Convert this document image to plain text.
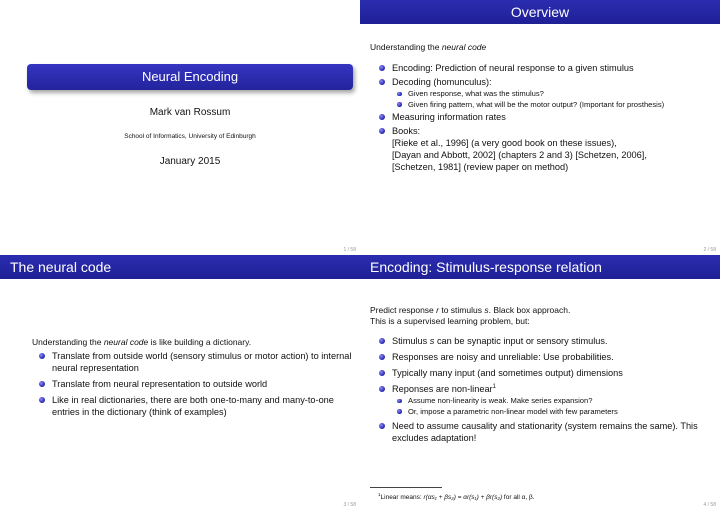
Neural Encoding
Mark van Rossum
School of Informatics, University of Edinburgh
January 2015
1 / 58
Overview
Understanding the neural code
Encoding: Prediction of neural response to a given stimulus
Decoding (homunculus):
Given response, what was the stimulus?
Given firing pattern, what will be the motor output? (Important for prosthesis)
Measuring information rates
Books:
[Rieke et al., 1996] (a very good book on these issues),
[Dayan and Abbott, 2002] (chapters 2 and 3) [Schetzen, 2006],
[Schetzen, 1981] (review paper on method)
2 / 58
The neural code
Understanding the neural code is like building a dictionary.
Translate from outside world (sensory stimulus or motor action) to internal neural representation
Translate from neural representation to outside world
Like in real dictionaries, there are both one-to-many and many-to-one entries in the dictionary (think of examples)
3 / 58
Encoding: Stimulus-response relation
Predict response r to stimulus s. Black box approach.
This is a supervised learning problem, but:
Stimulus s can be synaptic input or sensory stimulus.
Responses are noisy and unreliable: Use probabilities.
Typically many input (and sometimes output) dimensions
Reponses are non-linear$^1$
Assume non-linearity is weak. Make series expansion?
Or, impose a parametric non-linear model with few parameters
Need to assume causality and stationarity (system remains the same). This excludes adaptation!
$^1$Linear means: r(αs₁ + βs₂) = αr(s₁) + βr(s₂) for all α, β.
4 / 58
